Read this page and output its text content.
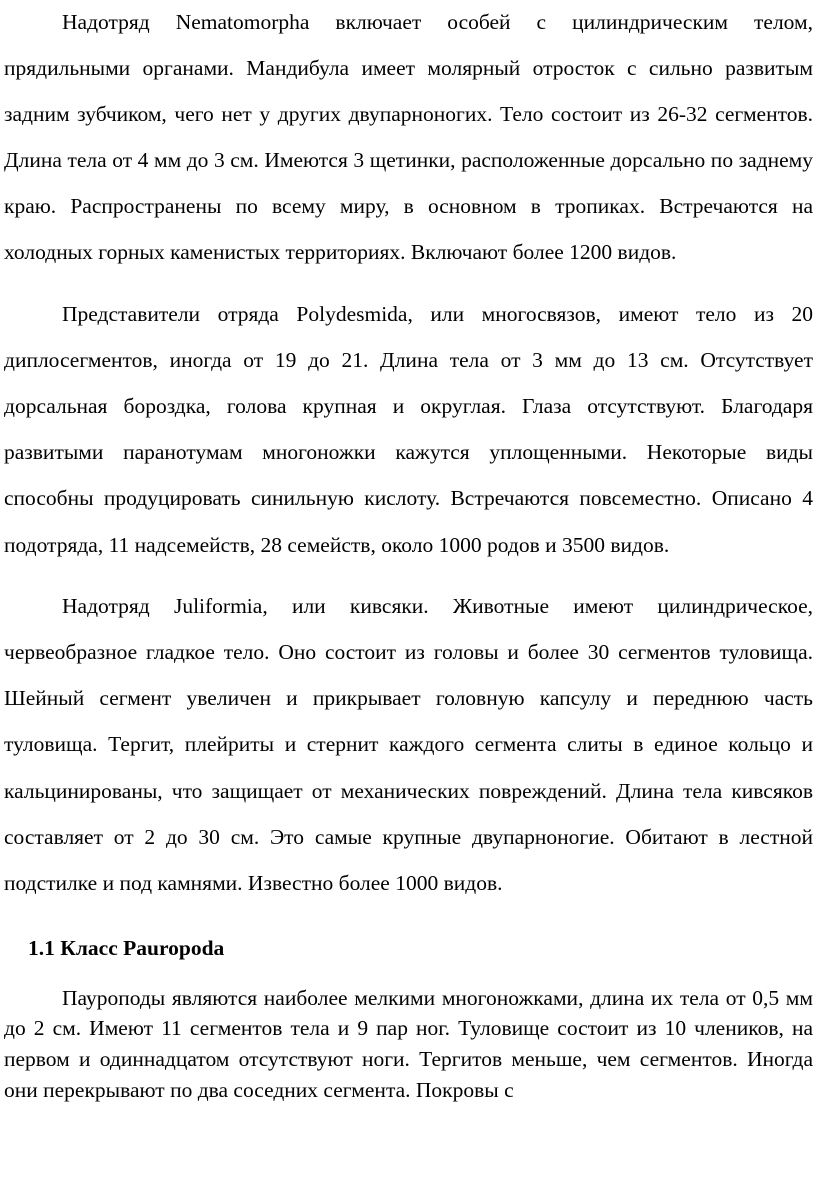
Надотряд Nematomorpha включает особей с цилиндрическим телом, прядильными органами. Мандибула имеет молярный отросток с сильно развитым задним зубчиком, чего нет у других двупарноногих. Тело состоит из 26-32 сегментов. Длина тела от 4 мм до 3 см. Имеются 3 щетинки, расположенные дорсально по заднему краю. Распространены по всему миру, в основном в тропиках. Встречаются на холодных горных каменистых территориях. Включают более 1200 видов.

Представители отряда Polydesmida, или многосвязов, имеют тело из 20 диплосегментов, иногда от 19 до 21. Длина тела от 3 мм до 13 см. Отсутствует дорсальная бороздка, голова крупная и округлая. Глаза отсутствуют. Благодаря развитыми паранотумам многоножки кажутся уплощенными. Некоторые виды способны продуцировать синильную кислоту. Встречаются повсеместно. Описано 4 подотряда, 11 надсемейств, 28 семейств, около 1000 родов и 3500 видов.

Надотряд Juliformia, или кивсяки. Животные имеют цилиндрическое, червеобразное гладкое тело. Оно состоит из головы и более 30 сегментов туловища. Шейный сегмент увеличен и прикрывает головную капсулу и переднюю часть туловища. Тергит, плейриты и стернит каждого сегмента слиты в единое кольцо и кальцинированы, что защищает от механических повреждений. Длина тела кивсяков составляет от 2 до 30 см. Это самые крупные двупарноногие. Обитают в лестной подстилке и под камнями. Известно более 1000 видов.

1.1 Класс Pauropoda

Пауроподы являются наиболее мелкими многоножками, длина их тела от 0,5 мм до 2 см. Имеют 11 сегментов тела и 9 пар ног. Туловище состоит из 10 члеников, на первом и одиннадцатом отсутствуют ноги. Тергитов меньше, чем сегментов. Иногда они перекрывают по два соседних сегмента. Покровы с
